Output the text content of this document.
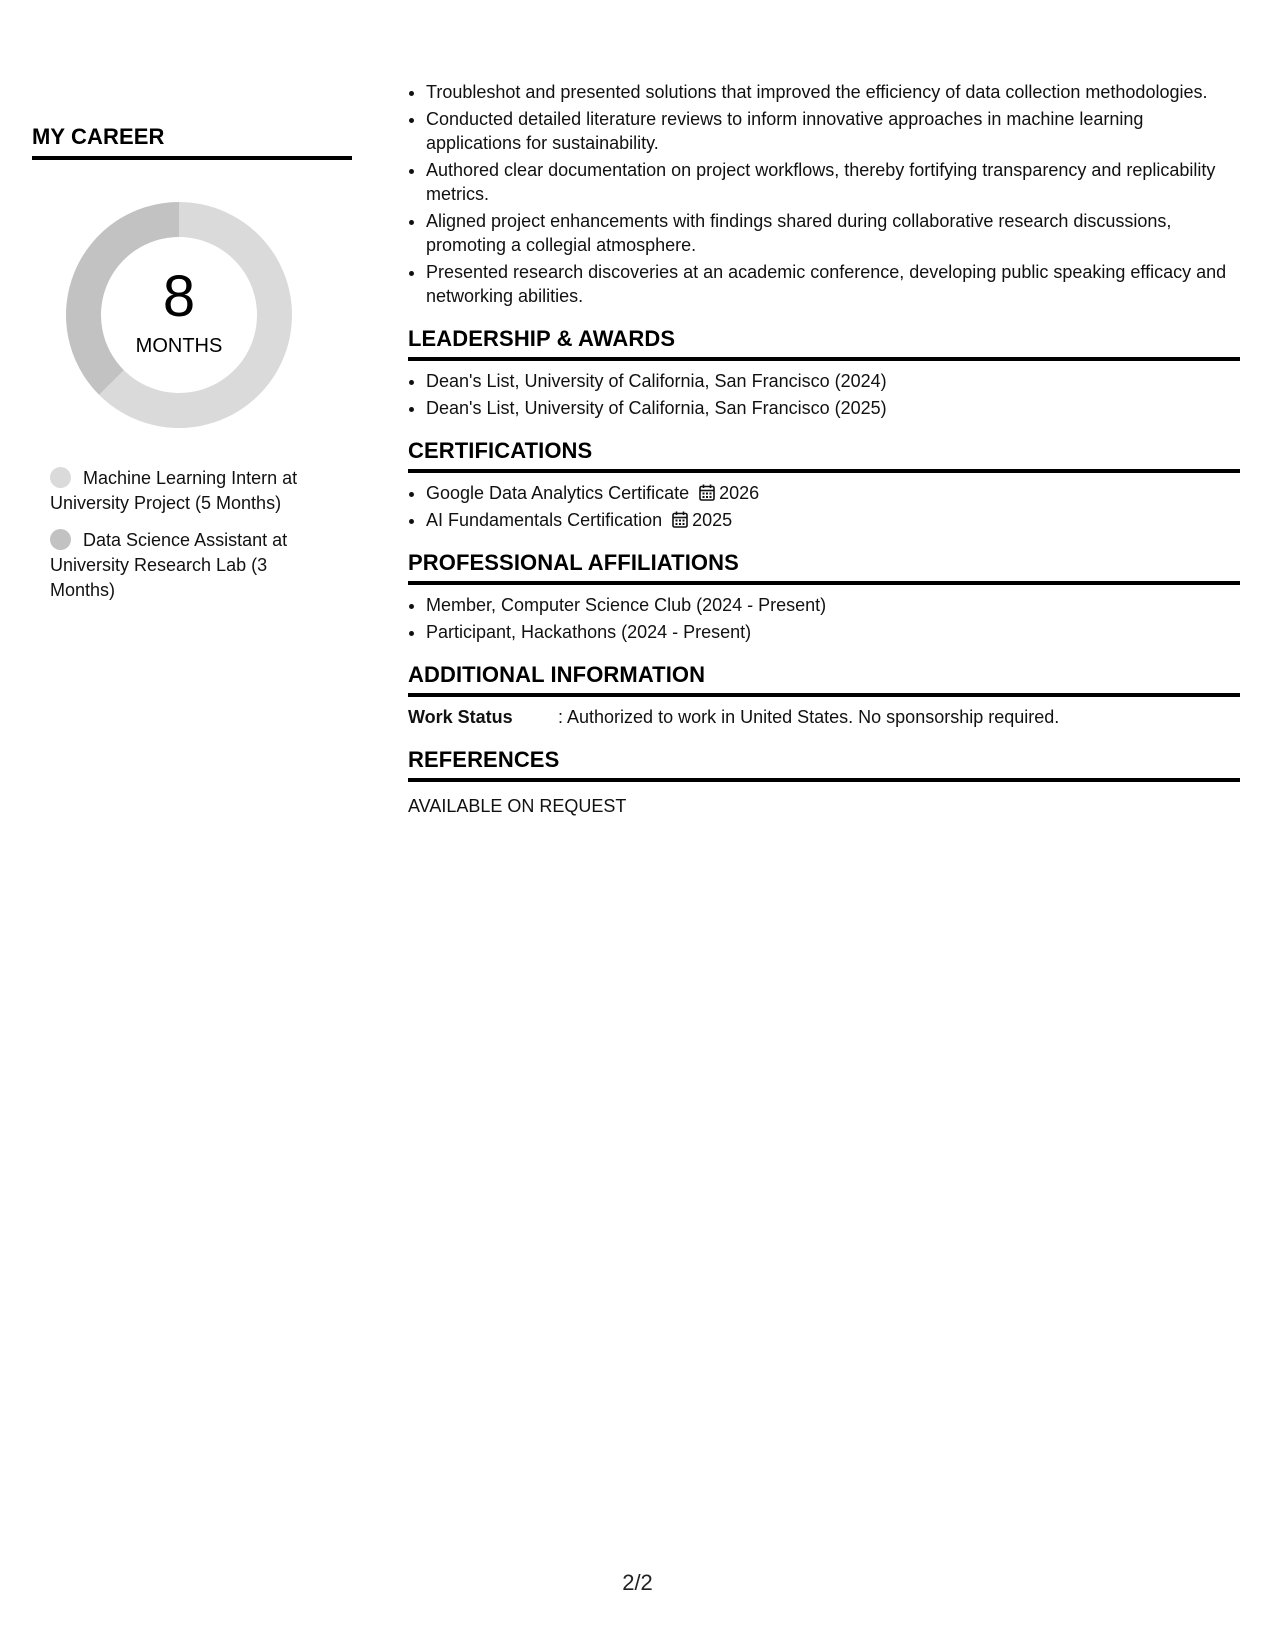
MY CAREER
8
MONTHS
Machine Learning Intern at University Project (5 Months)
Data Science Assistant at University Research Lab (3 Months)
• Troubleshot and presented solutions that improved the efficiency of data collection methodologies.
• Conducted detailed literature reviews to inform innovative approaches in machine learning applications for sustainability.
• Authored clear documentation on project workflows, thereby fortifying transparency and replicability metrics.
• Aligned project enhancements with findings shared during collaborative research discussions, promoting a collegial atmosphere.
• Presented research discoveries at an academic conference, developing public speaking efficacy and networking abilities.
LEADERSHIP & AWARDS
• Dean's List, University of California, San Francisco (2024)
• Dean's List, University of California, San Francisco (2025)
CERTIFICATIONS
• Google Data Analytics Certificate 2026
• AI Fundamentals Certification 2025
PROFESSIONAL AFFILIATIONS
• Member, Computer Science Club (2024 - Present)
• Participant, Hackathons (2024 - Present)
ADDITIONAL INFORMATION
Work Status	: Authorized to work in United States. No sponsorship required.
REFERENCES
AVAILABLE ON REQUEST
2/2
